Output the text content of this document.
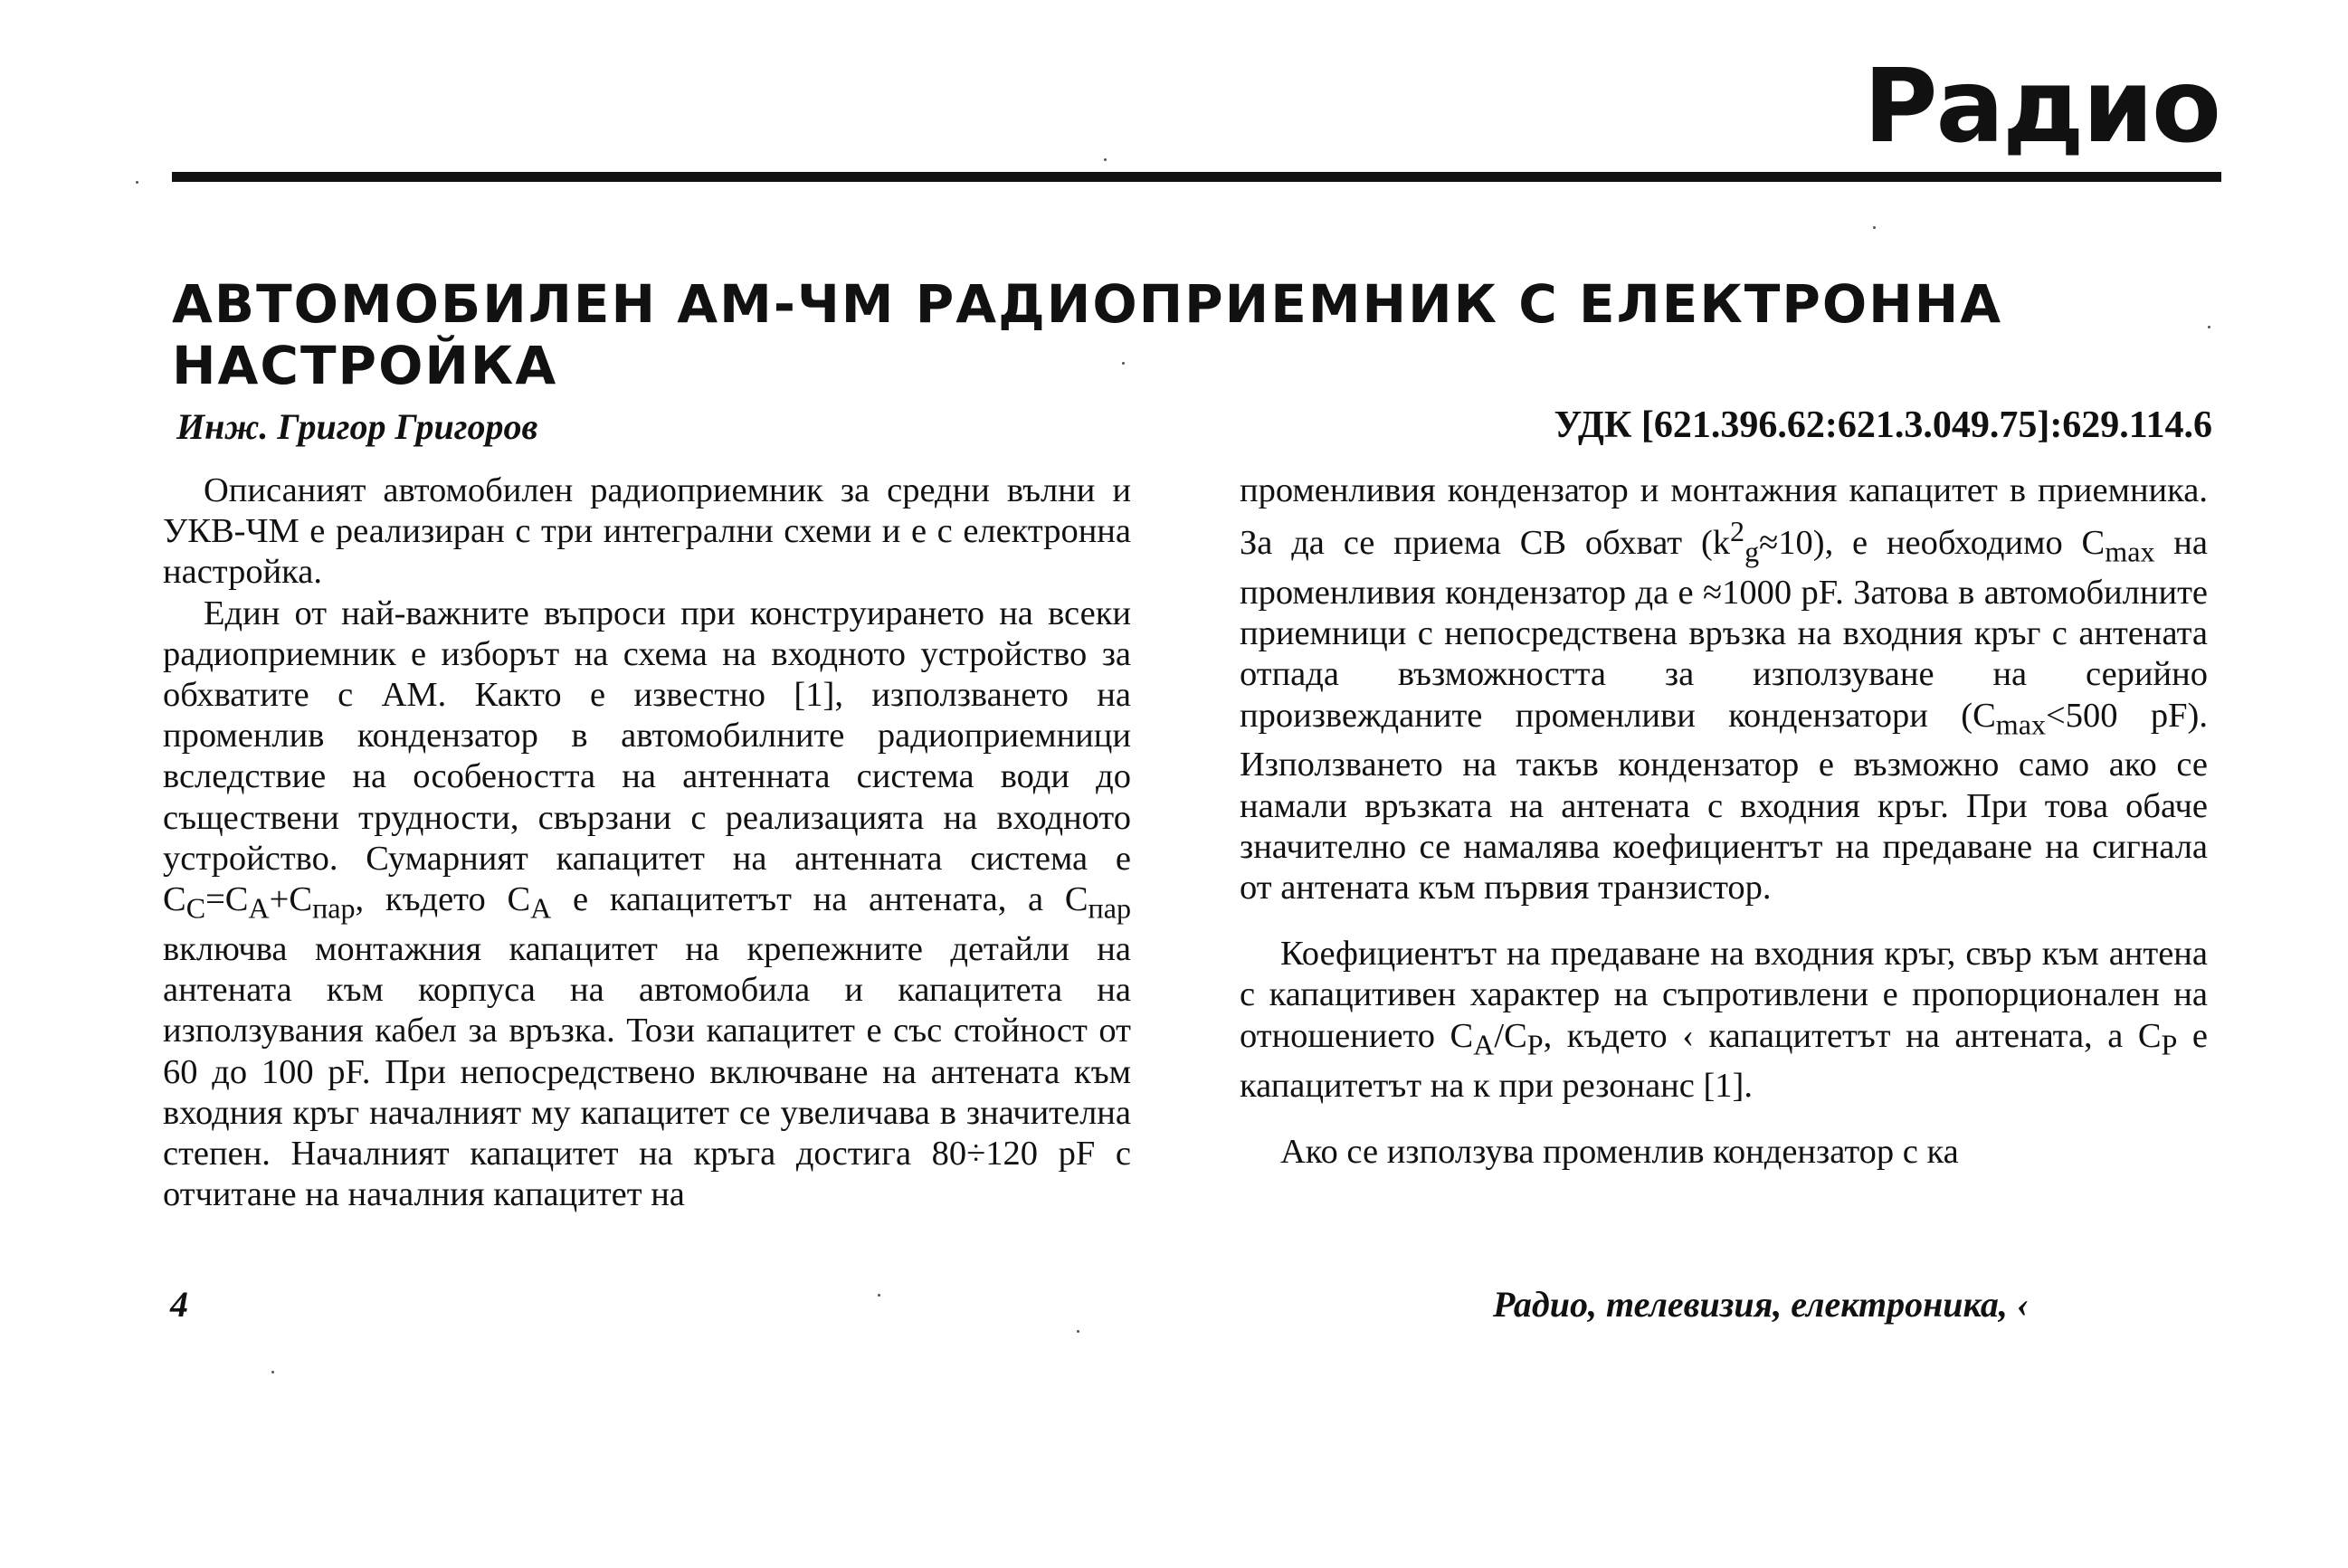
Радио
АВТОМОБИЛЕН АМ-ЧМ РАДИОПРИЕМНИК С ЕЛЕКТРОННА НАСТРОЙКА
Инж. Григор Григоров	УДК [621.396.62:621.3.049.75]:629.114.6

Описаният автомобилен радиоприемник за средни вълни и УКВ-ЧМ е реализиран с три интегрални схеми и е с електронна настройка.

Един от най-важните въпроси при конструирането на всеки радиоприемник е изборът на схема на входното устройство за обхватите с АМ. Както е известно [1], използването на променлив кондензатор в автомобилните радиоприемници вследствие на особеността на антенната система води до съществени трудности, свързани с реализацията на входното устройство. Сумарният капацитет на антенната система е $C_C=C_A+C_{пар}$, където $C_A$ е капацитетът на антената, а $C_{пар}$ включва монтажния капацитет на крепежните детайли на антената към корпуса на автомобила и капацитета на използувания кабел за връзка. Този капацитет е със стойност от 60 до 100 pF. При непосредствено включване на антената към входния кръг началният му капацитет се увеличава в значителна степен. Началният капацитет на кръга достига 80÷120 pF с отчитане на началния капацитет на

променливия кондензатор и монтажния капацитет в приемника. За да се приема СВ обхват $(k^2_g\approx 10)$, е необходимо $C_{max}$ на променливия кондензатор да е ≈1000 pF. Затова в автомобилните приемници с непосредствена връзка на входния кръг с антената отпада възможността за използуване на серийно произвежданите променливи кондензатори ($C_{max}<500$ pF). Използването на такъв кондензатор е възможно само ако се намали връзката на антената с входния кръг. При това обаче значително се намалява коефициентът на предаване на сигнала от антената към първия транзистор.

Коефициентът на предаване на входния кръг, свър към антена с капацитивен характер на съпротивлени е пропорционален на отношението $C_A/C_P$, където ‹ капацитетът на антената, а $C_P$ е капацитетът на к при резонанс [1].

Ако се използува променлив кондензатор с ка

4	Радио, телевизия, електроника, ‹
